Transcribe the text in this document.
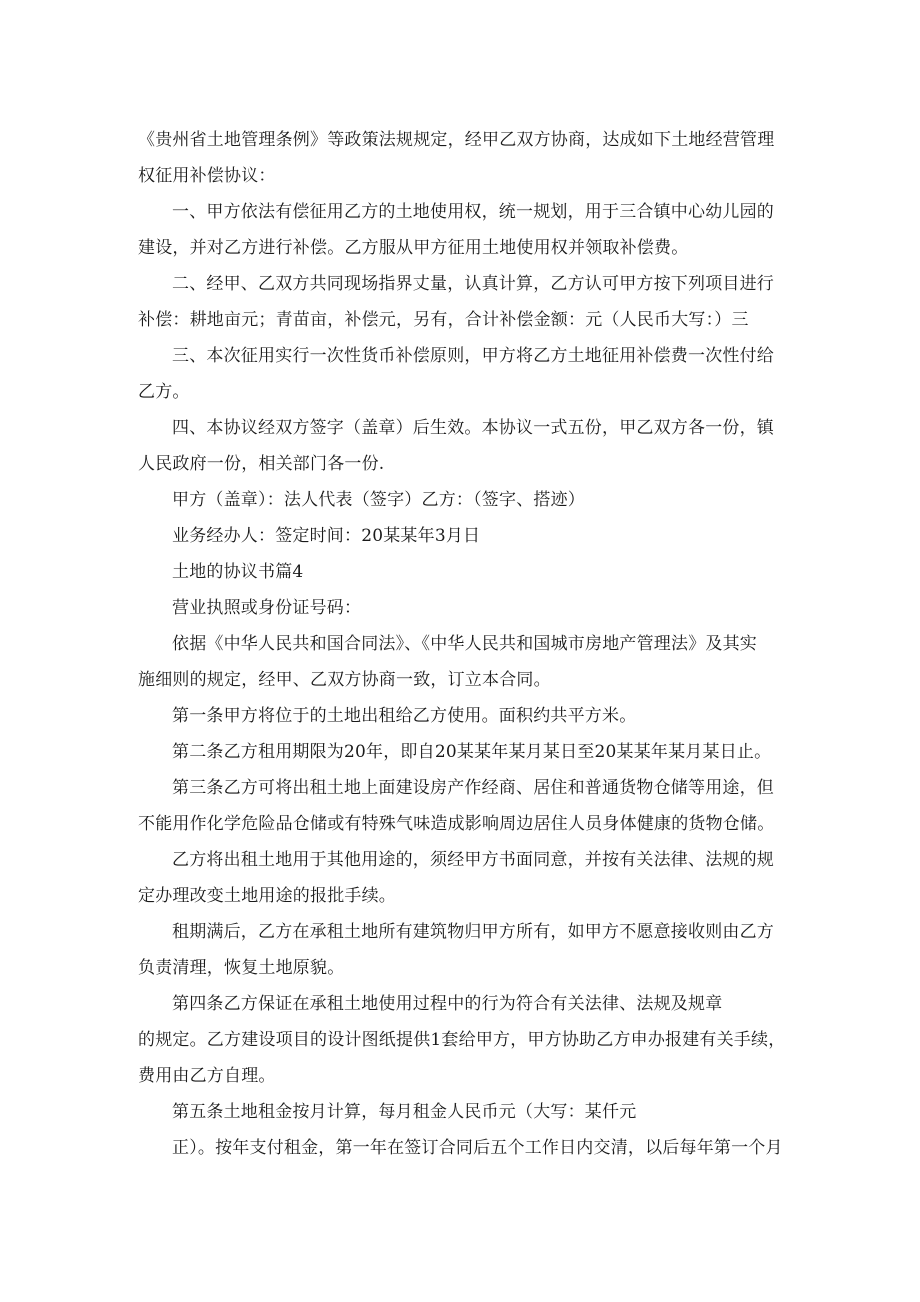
《贵州省土地管理条例》等政策法规规定，经甲乙双方协商，达成如下土地经营管理

权征用补偿协议：

一、甲方依法有偿征用乙方的土地使用权，统一规划，用于三合镇中心幼儿园的

建设，并对乙方进行补偿。乙方服从甲方征用土地使用权并领取补偿费。

二、经甲、乙双方共同现场指界丈量，认真计算，乙方认可甲方按下列项目进行

补偿：耕地亩元；青苗亩，补偿元，另有，合计补偿金额：元（人民币大写：）三

三、本次征用实行一次性货币补偿原则，甲方将乙方土地征用补偿费一次性付给

乙方。

四、本协议经双方签字（盖章）后生效。本协议一式五份，甲乙双方各一份，镇

人民政府一份，相关部门各一份.

甲方（盖章）：法人代表（签字）乙方：（签字、搭迹）

业务经办人：签定时间：20某某年3月日

土地的协议书篇4

营业执照或身份证号码：

依据《中华人民共和国合同法》、《中华人民共和国城市房地产管理法》及其实

施细则的规定，经甲、乙双方协商一致，订立本合同。

第一条甲方将位于的土地出租给乙方使用。面积约共平方米。

第二条乙方租用期限为20年，即自20某某年某月某日至20某某年某月某日止。

第三条乙方可将出租土地上面建设房产作经商、居住和普通货物仓储等用途，但

不能用作化学危险品仓储或有特殊气味造成影响周边居住人员身体健康的货物仓储。

乙方将出租土地用于其他用途的，须经甲方书面同意，并按有关法律、法规的规

定办理改变土地用途的报批手续。

租期满后，乙方在承租土地所有建筑物归甲方所有，如甲方不愿意接收则由乙方

负责清理，恢复土地原貌。

第四条乙方保证在承租土地使用过程中的行为符合有关法律、法规及规章

的规定。乙方建设项目的设计图纸提供1套给甲方，甲方协助乙方申办报建有关手续，

费用由乙方自理。

第五条土地租金按月计算，每月租金人民币元（大写：某仟元

正）。按年支付租金，第一年在签订合同后五个工作日内交清，以后每年第一个月
